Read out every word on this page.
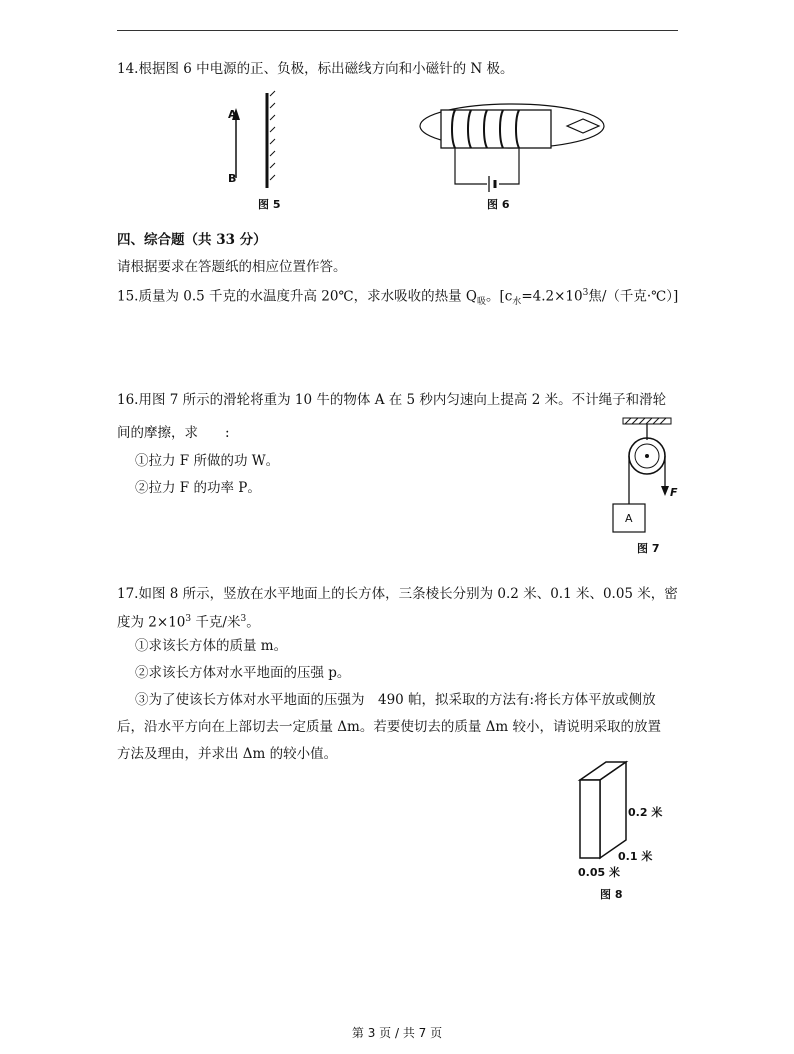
14.根据图 6 中电源的正、负极，标出磁线方向和小磁针的 N 极。
A
B
图 5	图 6
四、综合题（共 33 分）
请根据要求在答题纸的相应位置作答。
15.质量为 0.5 千克的水温度升高 20℃，求水吸收的热量 $Q_吸$。[$c_水=4.2\times 10^3$焦/（千克·℃）]
16.用图 7 所示的滑轮将重为 10 牛的物体 A 在 5 秒内匀速向上提高 2 米。不计绳子和滑轮
间的摩擦，求　　:
①拉力 F 所做的功 W。
②拉力 F 的功率 P。	F
A
图 7
17.如图 8 所示，竖放在水平地面上的长方体，三条棱长分别为 0.2 米、0.1 米、0.05 米，密
度为 $2\times 10^3$ 千克/米$^3$。
①求该长方体的质量 m。
②求该长方体对水平地面的压强 p。
③为了使该长方体对水平地面的压强为　490 帕，拟采取的方法有:将长方体平放或侧放
后，沿水平方向在上部切去一定质量 Δm。若要使切去的质量 Δm 较小，请说明采取的放置
方法及理由，并求出 Δm 的较小值。
0.2 米
0.1 米
0.05 米
图 8
第 3 页 / 共 7 页
